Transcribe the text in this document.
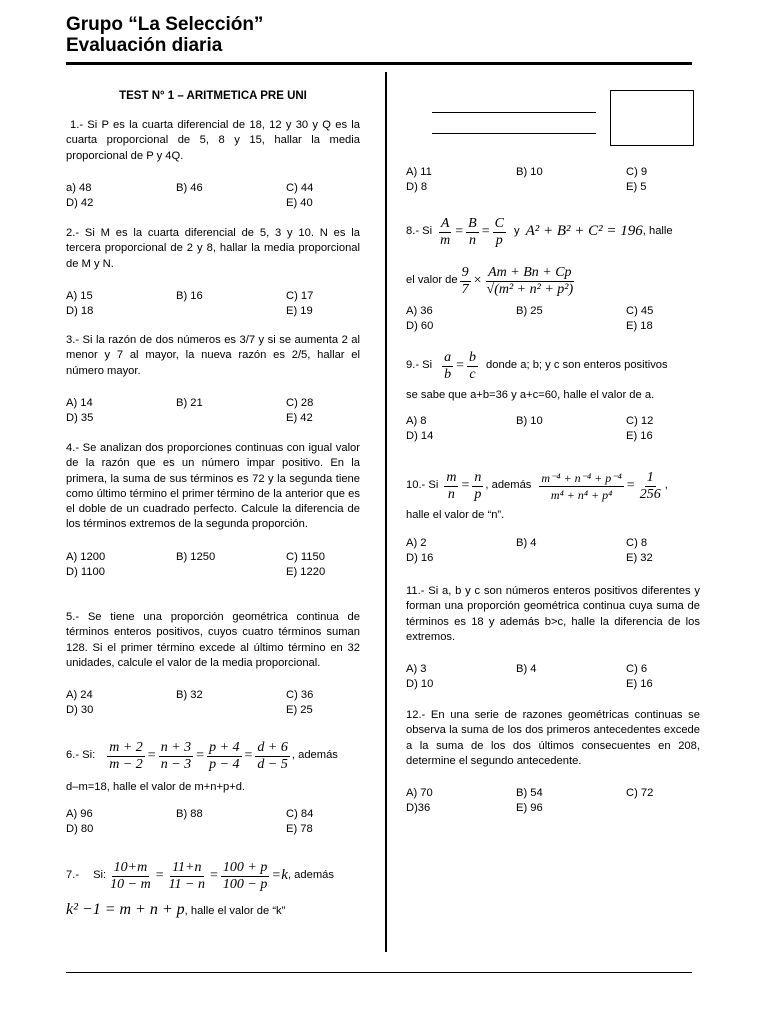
Grupo “La Selección”
Evaluación diaria
TEST N° 1 – ARITMETICA PRE UNI

1.- Si P es la cuarta diferencial de 18, 12 y 30 y Q es la cuarta proporcional de 5, 8 y 15, hallar la media proporcional de P y 4Q.

a) 48	B) 46	C) 44
D) 42	E) 40

2.- Si M es la cuarta diferencial de 5, 3 y 10. N es la tercera proporcional de 2 y 8, hallar la media proporcional de M y N.

A) 15	B) 16	C) 17
D) 18	E) 19

3.- Si la razón de dos números es 3/7 y si se aumenta 2 al menor y 7 al mayor, la nueva razón es 2/5, hallar el número mayor.

A) 14	B) 21	C) 28
D) 35	E) 42

4.- Se analizan dos proporciones continuas con igual valor de la razón que es un número impar positivo. En la primera, la suma de sus términos es 72 y la segunda tiene como último término el primer término de la anterior que es el doble de un cuadrado perfecto. Calcule la diferencia de los términos extremos de la segunda proporción.

A) 1200	B) 1250	C) 1150
D) 1100	E) 1220

5.- Se tiene una proporción geométrica continua de términos enteros positivos, cuyos cuatro términos suman 128. Si el primer término excede al último término en 32 unidades, calcule el valor de la media proporcional.

A) 24	B) 32	C) 36
D) 30	E) 25
6.- Si: $\frac{m + 2}{m - 2} = \frac{n + 3}{n - 3} = \frac{p + 4}{p - 4} = \frac{d + 6}{d - 5}$ , además
d–m=18, halle el valor de m+n+p+d.
A) 96	B) 88	C) 84
D) 80	E) 78
7.- Si: $\frac{10+m}{10 - m} = \frac{11+n}{11 - n} = \frac{100 + p}{100 - p} = k$ , además
k² −1 = m + n + p, halle el valor de “k”
A) 11	B) 10	C) 9
D) 8	E) 5
8.- Si $\frac{A}{m} = \frac{B}{n} = \frac{C}{p}$ y A² + B² + C² = 196 , halle
el valor de $\frac{9}{7} \times \frac{Am + Bn + Cp}{\text{√(m² + n² + p²)}}$
A) 36	B) 25	C) 45
D) 60	E) 18
9.- Si $\frac{a}{b} = \frac{b}{c}$ donde a; b; y c son enteros positivos
se sabe que a+b=36 y a+c=60, halle el valor de a.
A) 8	B) 10	C) 12
D) 14	E) 16
10.- Si $\frac{m}{n} = \frac{n}{p}$ , además $\frac{\text{m⁻⁴ + n⁻⁴ + p⁻⁴}}{\text{m⁴ + n⁴ + p⁴}} = \frac{1}{256}$ ,
halle el valor de “n”.
A) 2	B) 4	C) 8
D) 16	E) 32

11.- Si a, b y c son números enteros positivos diferentes y forman una proporción geométrica continua cuya suma de términos es 18 y además b>c, halle la diferencia de los extremos.

A) 3	B) 4	C) 6
D) 10	E) 16

12.- En una serie de razones geométricas continuas se observa la suma de los dos primeros antecedentes excede a la suma de los dos últimos consecuentes en 208, determine el segundo antecedente.

A) 70	B) 54	C) 72
D)36	E) 96
